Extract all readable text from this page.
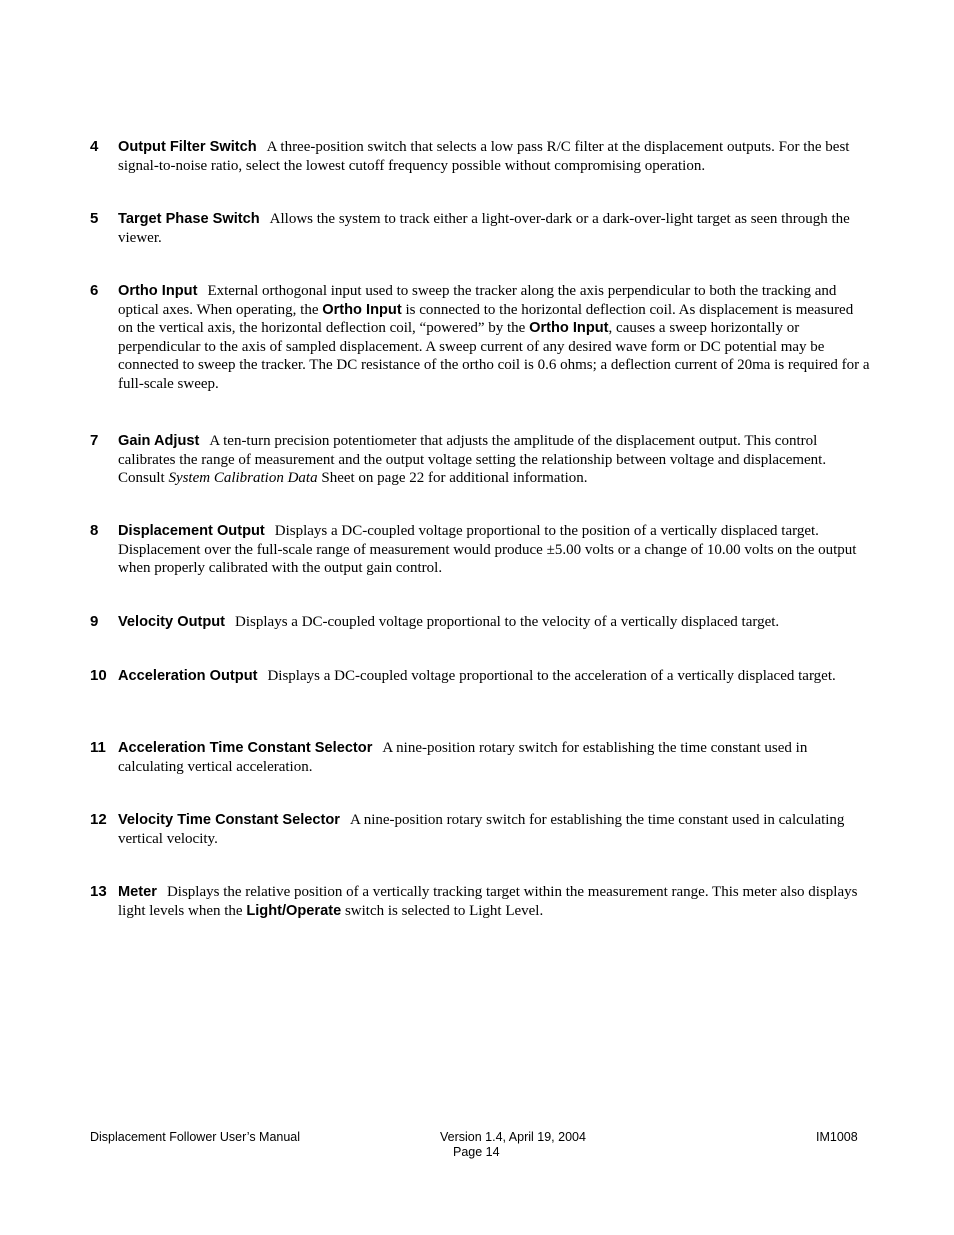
4 Output Filter Switch A three-position switch that selects a low pass R/C filter at the displacement outputs. For the best signal-to-noise ratio, select the lowest cutoff frequency possible without compromising operation.
5 Target Phase Switch Allows the system to track either a light-over-dark or a dark-over-light target as seen through the viewer.
6 Ortho Input External orthogonal input used to sweep the tracker along the axis perpendicular to both the tracking and optical axes. When operating, the Ortho Input is connected to the horizontal deflection coil. As displacement is measured on the vertical axis, the horizontal deflection coil, “powered” by the Ortho Input, causes a sweep horizontally or perpendicular to the axis of sampled displacement. A sweep current of any desired wave form or DC potential may be connected to sweep the tracker. The DC resistance of the ortho coil is 0.6 ohms; a deflection current of 20ma is required for a full-scale sweep.
7 Gain Adjust A ten-turn precision potentiometer that adjusts the amplitude of the displacement output. This control calibrates the range of measurement and the output voltage setting the relationship between voltage and displacement. Consult System Calibration Data Sheet on page 22 for additional information.
8 Displacement Output Displays a DC-coupled voltage proportional to the position of a vertically displaced target. Displacement over the full-scale range of measurement would produce ±5.00 volts or a change of 10.00 volts on the output when properly calibrated with the output gain control.
9 Velocity Output Displays a DC-coupled voltage proportional to the velocity of a vertically displaced target.
10 Acceleration Output Displays a DC-coupled voltage proportional to the acceleration of a vertically displaced target.
11 Acceleration Time Constant Selector A nine-position rotary switch for establishing the time constant used in calculating vertical acceleration.
12 Velocity Time Constant Selector A nine-position rotary switch for establishing the time constant used in calculating vertical velocity.
13 Meter Displays the relative position of a vertically tracking target within the measurement range. This meter also displays light levels when the Light/Operate switch is selected to Light Level.
Displacement Follower User’s Manual	Version 1.4, April 19, 2004
Page 14
IM1008
